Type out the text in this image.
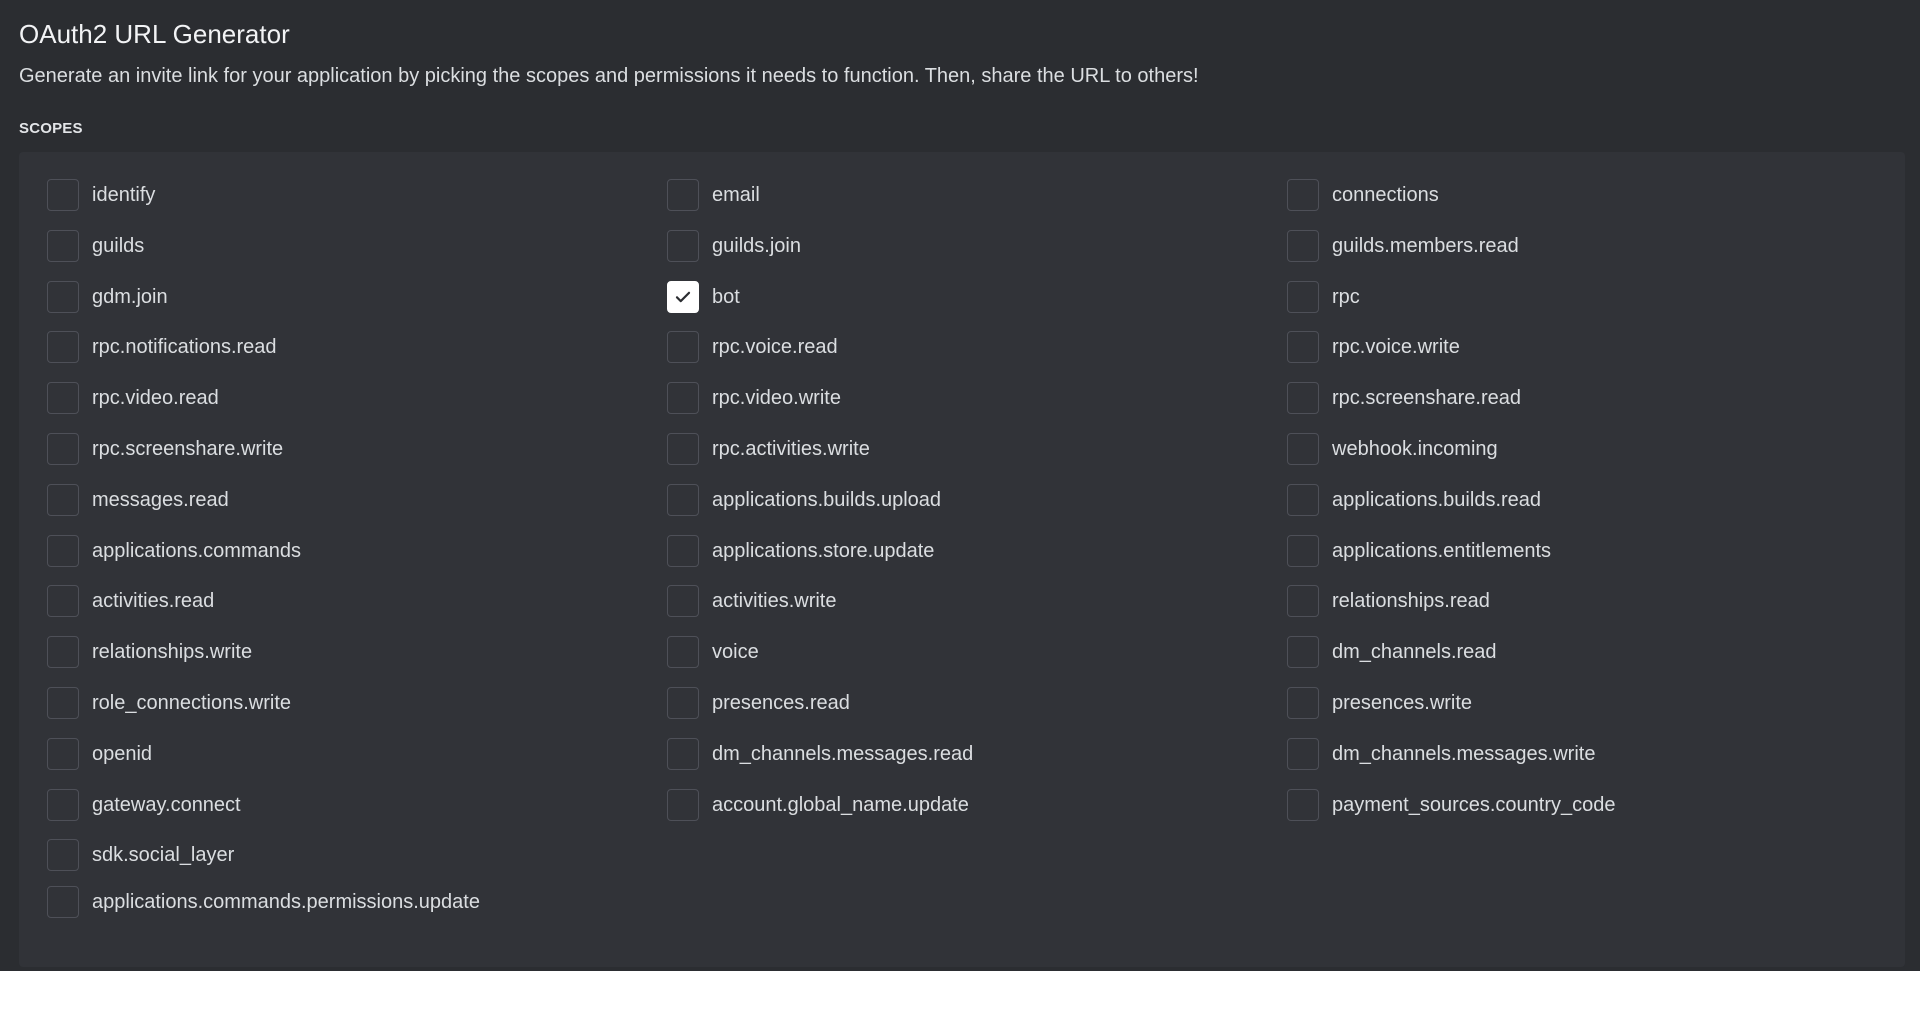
OAuth2 URL Generator

Generate an invite link for your application by picking the scopes and permissions it needs to function. Then, share the URL to others!

SCOPES
identify	email	connections
guilds	guilds.join	guilds.members.read
gdm.join	bot	rpc
rpc.notifications.read	rpc.voice.read	rpc.voice.write
rpc.video.read	rpc.video.write	rpc.screenshare.read
rpc.screenshare.write	rpc.activities.write	webhook.incoming
messages.read	applications.builds.upload	applications.builds.read
applications.commands	applications.store.update	applications.entitlements
activities.read	activities.write	relationships.read
relationships.write	voice	dm_channels.read
role_connections.write	presences.read	presences.write
openid	dm_channels.messages.read	dm_channels.messages.write
gateway.connect	account.global_name.update	payment_sources.country_code
sdk.social_layer
applications.commands.permissions.update
